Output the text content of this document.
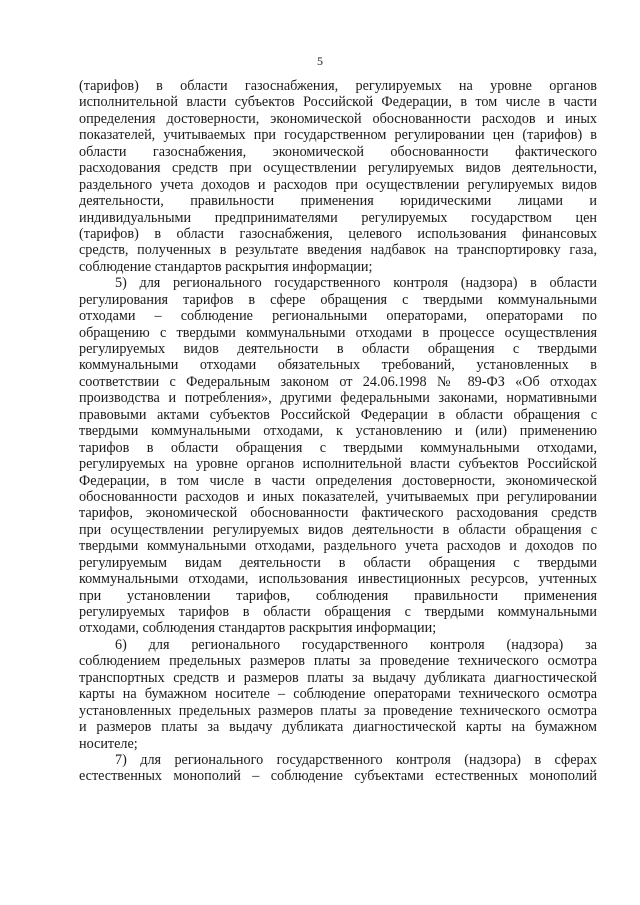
5
(тарифов) в области газоснабжения, регулируемых на уровне органов
исполнительной власти субъектов Российской Федерации, в том числе в части
определения достоверности, экономической обоснованности расходов и иных
показателей, учитываемых при государственном регулировании цен (тарифов) в
области газоснабжения, экономической обоснованности фактического
расходования средств при осуществлении регулируемых видов деятельности,
раздельного учета доходов и расходов при осуществлении регулируемых видов
деятельности, правильности применения юридическими лицами и
индивидуальными предпринимателями регулируемых государством цен
(тарифов) в области газоснабжения, целевого использования финансовых
средств, полученных в результате введения надбавок на транспортировку газа,
соблюдение стандартов раскрытия информации;
5) для регионального государственного контроля (надзора) в области
регулирования тарифов в сфере обращения с твердыми коммунальными
отходами – соблюдение региональными операторами, операторами по
обращению с твердыми коммунальными отходами в процессе осуществления
регулируемых видов деятельности в области обращения с твердыми
коммунальными отходами обязательных требований, установленных в
соответствии с Федеральным законом от 24.06.1998 № 89-ФЗ «Об отходах
производства и потребления», другими федеральными законами, нормативными
правовыми актами субъектов Российской Федерации в области обращения с
твердыми коммунальными отходами, к установлению и (или) применению
тарифов в области обращения с твердыми коммунальными отходами,
регулируемых на уровне органов исполнительной власти субъектов Российской
Федерации, в том числе в части определения достоверности, экономической
обоснованности расходов и иных показателей, учитываемых при регулировании
тарифов, экономической обоснованности фактического расходования средств
при осуществлении регулируемых видов деятельности в области обращения с
твердыми коммунальными отходами, раздельного учета расходов и доходов по
регулируемым видам деятельности в области обращения с твердыми
коммунальными отходами, использования инвестиционных ресурсов, учтенных
при установлении тарифов, соблюдения правильности применения
регулируемых тарифов в области обращения с твердыми коммунальными
отходами, соблюдения стандартов раскрытия информации;
6) для регионального государственного контроля (надзора) за
соблюдением предельных размеров платы за проведение технического осмотра
транспортных средств и размеров платы за выдачу дубликата диагностической
карты на бумажном носителе – соблюдение операторами технического осмотра
установленных предельных размеров платы за проведение технического осмотра
и размеров платы за выдачу дубликата диагностической карты на бумажном
носителе;
7) для регионального государственного контроля (надзора) в сферах
естественных монополий – соблюдение субъектами естественных монополий
